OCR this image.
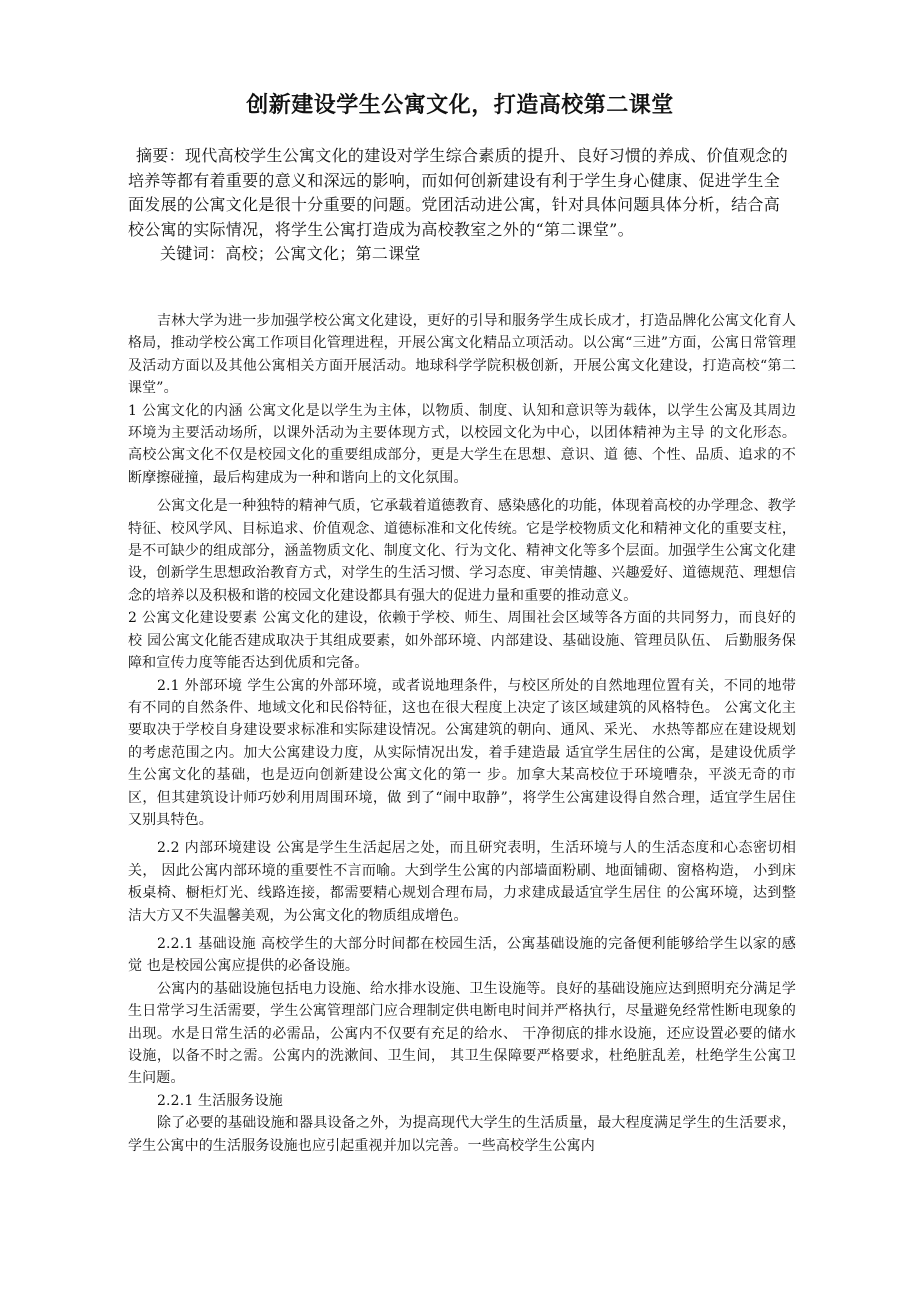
创新建设学生公寓文化，打造高校第二课堂

摘要：现代高校学生公寓文化的建设对学生综合素质的提升、良好习惯的养成、价值观念的培养等都有着重要的意义和深远的影响，而如何创新建设有利于学生身心健康、促进学生全面发展的公寓文化是很十分重要的问题。党团活动进公寓，针对具体问题具体分析，结合高校公寓的实际情况，将学生公寓打造成为高校教室之外的“第二课堂”。

关键词：高校；公寓文化；第二课堂

吉林大学为进一步加强学校公寓文化建设，更好的引导和服务学生成长成才，打造品牌化公寓文化育人格局，推动学校公寓工作项目化管理进程，开展公寓文化精品立项活动。以公寓“三进”方面，公寓日常管理及活动方面以及其他公寓相关方面开展活动。地球科学学院积极创新，开展公寓文化建设，打造高校“第二课堂”。

1 公寓文化的内涵 公寓文化是以学生为主体，以物质、制度、认知和意识等为载体，以学生公寓及其周边 环境为主要活动场所，以课外活动为主要体现方式，以校园文化为中心，以团体精神为主导 的文化形态。高校公寓文化不仅是校园文化的重要组成部分，更是大学生在思想、意识、道 德、个性、品质、追求的不断摩擦碰撞，最后构建成为一种和谐向上的文化氛围。

公寓文化是一种独特的精神气质，它承载着道德教育、感染感化的功能，体现着高校的办学理念、教学特征、校风学风、目标追求、价值观念、道德标准和文化传统。它是学校物质文化和精神文化的重要支柱，是不可缺少的组成部分，涵盖物质文化、制度文化、行为文化、精神文化等多个层面。加强学生公寓文化建设，创新学生思想政治教育方式，对学生的生活习惯、学习态度、审美情趣、兴趣爱好、道德规范、理想信念的培养以及积极和谐的校园文化建设都具有强大的促进力量和重要的推动意义。

2 公寓文化建设要素 公寓文化的建设，依赖于学校、师生、周围社会区域等各方面的共同努力，而良好的校 园公寓文化能否建成取决于其组成要素，如外部环境、内部建设、基础设施、管理员队伍、 后勤服务保障和宣传力度等能否达到优质和完备。

2.1 外部环境 学生公寓的外部环境，或者说地理条件，与校区所处的自然地理位置有关，不同的地带 有不同的自然条件、地域文化和民俗特征，这也在很大程度上决定了该区域建筑的风格特色。 公寓文化主要取决于学校自身建设要求标准和实际建设情况。公寓建筑的朝向、通风、采光、 水热等都应在建设规划的考虑范围之内。加大公寓建设力度，从实际情况出发，着手建造最 适宜学生居住的公寓，是建设优质学生公寓文化的基础，也是迈向创新建设公寓文化的第一 步。加拿大某高校位于环境嘈杂，平淡无奇的市区，但其建筑设计师巧妙利用周围环境，做 到了“闹中取静”，将学生公寓建设得自然合理，适宜学生居住又别具特色。

2.2 内部环境建设 公寓是学生生活起居之处，而且研究表明，生活环境与人的生活态度和心态密切相关， 因此公寓内部环境的重要性不言而喻。大到学生公寓的内部墙面粉刷、地面铺砌、窗格构造， 小到床板桌椅、橱柜灯光、线路连接，都需要精心规划合理布局，力求建成最适宜学生居住 的公寓环境，达到整洁大方又不失温馨美观，为公寓文化的物质组成增色。

2.2.1 基础设施 高校学生的大部分时间都在校园生活，公寓基础设施的完备便利能够给学生以家的感觉 也是校园公寓应提供的必备设施。

公寓内的基础设施包括电力设施、给水排水设施、卫生设施等。良好的基础设施应达到照明充分满足学生日常学习生活需要，学生公寓管理部门应合理制定供电断电时间并严格执行，尽量避免经常性断电现象的出现。水是日常生活的必需品，公寓内不仅要有充足的给水、 干净彻底的排水设施，还应设置必要的储水设施，以备不时之需。公寓内的洗漱间、卫生间， 其卫生保障要严格要求，杜绝脏乱差，杜绝学生公寓卫生问题。

2.2.1 生活服务设施

除了必要的基础设施和器具设备之外，为提高现代大学生的生活质量，最大程度满足学生的生活要求，学生公寓中的生活服务设施也应引起重视并加以完善。一些高校学生公寓内
